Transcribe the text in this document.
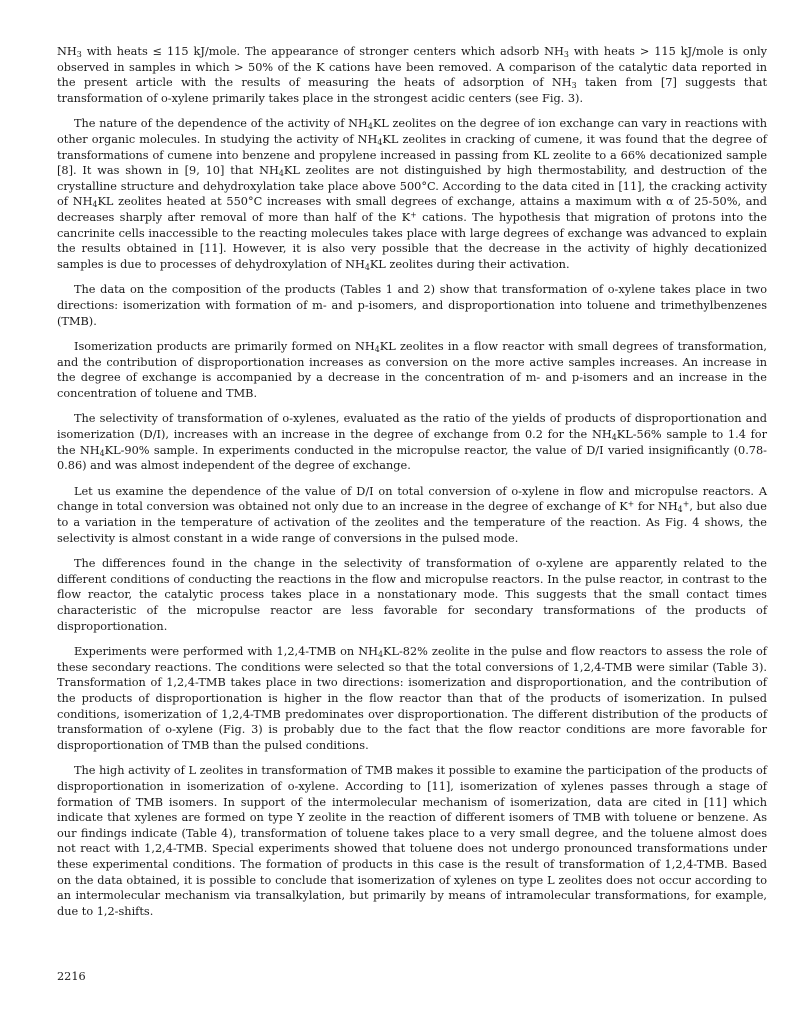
$NH_3$ with heats ≤ 115 kJ/mole. The appearance of stronger centers which adsorb $NH_3$ with heats > 115 kJ/mole is only observed in samples in which > 50% of the K cations have been removed. A comparison of the catalytic data reported in the present article with the results of measuring the heats of adsorption of $NH_3$ taken from [7] suggests that transformation of o-xylene primarily takes place in the strongest acidic centers (see Fig. 3).

The nature of the dependence of the activity of $NH_4KL$ zeolites on the degree of ion exchange can vary in reactions with other organic molecules. In studying the activity of $NH_4KL$ zeolites in cracking of cumene, it was found that the degree of transformations of cumene into benzene and propylene increased in passing from KL zeolite to a 66% decationized sample [8]. It was shown in [9, 10] that $NH_4KL$ zeolites are not distinguished by high thermostability, and destruction of the crystalline structure and dehydroxylation take place above 500°C. According to the data cited in [11], the cracking activity of $NH_4KL$ zeolites heated at 550°C increases with small degrees of exchange, attains a maximum with α of 25-50%, and decreases sharply after removal of more than half of the K+ cations. The hypothesis that migration of protons into the cancrinite cells inaccessible to the reacting molecules takes place with large degrees of exchange was advanced to explain the results obtained in [11]. However, it is also very possible that the decrease in the activity of highly decationized samples is due to processes of dehydroxylation of $NH_4KL$ zeolites during their activation.

The data on the composition of the products (Tables 1 and 2) show that transformation of o-xylene takes place in two directions: isomerization with formation of m- and p-isomers, and disproportionation into toluene and trimethylbenzenes (TMB).

Isomerization products are primarily formed on $NH_4KL$ zeolites in a flow reactor with small degrees of transformation, and the contribution of disproportionation increases as conversion on the more active samples increases. An increase in the degree of exchange is accompanied by a decrease in the concentration of m- and p-isomers and an increase in the concentration of toluene and TMB.

The selectivity of transformation of o-xylenes, evaluated as the ratio of the yields of products of disproportionation and isomerization (D/I), increases with an increase in the degree of exchange from 0.2 for the $NH_4KL-56\%$ sample to 1.4 for the $NH_4KL-90\%$ sample. In experiments conducted in the micropulse reactor, the value of D/I varied insignificantly (0.78-0.86) and was almost independent of the degree of exchange.

Let us examine the dependence of the value of D/I on total conversion of o-xylene in flow and micropulse reactors. A change in total conversion was obtained not only due to an increase in the degree of exchange of K+ for $NH_4^+$, but also due to a variation in the temperature of activation of the zeolites and the temperature of the reaction. As Fig. 4 shows, the selectivity is almost constant in a wide range of conversions in the pulsed mode.

The differences found in the change in the selectivity of transformation of o-xylene are apparently related to the different conditions of conducting the reactions in the flow and micropulse reactors. In the pulse reactor, in contrast to the flow reactor, the catalytic process takes place in a nonstationary mode. This suggests that the small contact times characteristic of the micropulse reactor are less favorable for secondary transformations of the products of disproportionation.

Experiments were performed with 1,2,4-TMB on $NH_4KL-82\%$ zeolite in the pulse and flow reactors to assess the role of these secondary reactions. The conditions were selected so that the total conversions of 1,2,4-TMB were similar (Table 3). Transformation of 1,2,4-TMB takes place in two directions: isomerization and disproportionation, and the contribution of the products of disproportionation is higher in the flow reactor than that of the products of isomerization. In pulsed conditions, isomerization of 1,2,4-TMB predominates over disproportionation. The different distribution of the products of transformation of o-xylene (Fig. 3) is probably due to the fact that the flow reactor conditions are more favorable for disproportionation of TMB than the pulsed conditions.

The high activity of L zeolites in transformation of TMB makes it possible to examine the participation of the products of disproportionation in isomerization of o-xylene. According to [11], isomerization of xylenes passes through a stage of formation of TMB isomers. In support of the intermolecular mechanism of isomerization, data are cited in [11] which indicate that xylenes are formed on type Y zeolite in the reaction of different isomers of TMB with toluene or benzene. As our findings indicate (Table 4), transformation of toluene takes place to a very small degree, and the toluene almost does not react with 1,2,4-TMB. Special experiments showed that toluene does not undergo pronounced transformations under these experimental conditions. The formation of products in this case is the result of transformation of 1,2,4-TMB. Based on the data obtained, it is possible to conclude that isomerization of xylenes on type L zeolites does not occur according to an intermolecular mechanism via transalkylation, but primarily by means of intramolecular transformations, for example, due to 1,2-shifts.

2216
